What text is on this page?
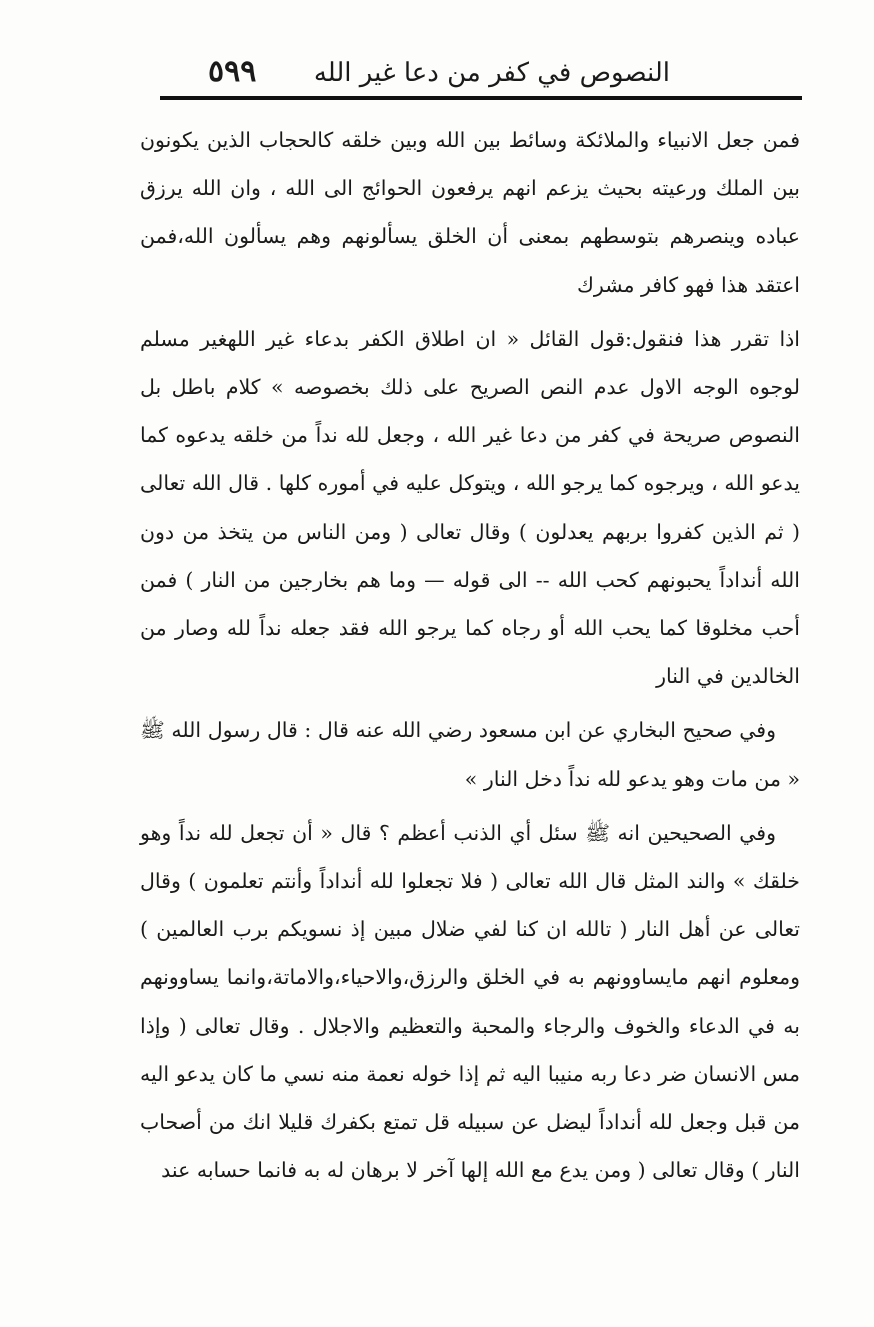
النصوص في كفر من دعا غير الله
٥٩٩

فمن جعل الانبياء والملائكة وسائط بين الله وبين خلقه كالحجاب الذين يكونون بين الملك ورعيته بحيث يزعم انهم يرفعون الحوائج الى الله ، وان الله يرزق عباده وينصرهم بتوسطهم بمعنى أن الخلق يسألونهم وهم يسألون الله،فمن اعتقد هذا فهو كافر مشرك

اذا تقرر هذا فنقول:قول القائل « ان اطلاق الكفر بدعاء غير اللهغير مسلم لوجوه الوجه الاول عدم النص الصريح على ذلك بخصوصه » كلام باطل بل النصوص صريحة في كفر من دعا غير الله ، وجعل لله نداً من خلقه يدعوه كما يدعو الله ، ويرجوه كما يرجو الله ، ويتوكل عليه في أموره كلها . قال الله تعالى ( ثم الذين كفروا بربهم يعدلون ) وقال تعالى ( ومن الناس من يتخذ من دون الله أنداداً يحبونهم كحب الله -- الى قوله — وما هم بخارجين من النار ) فمن أحب مخلوقا كما يحب الله أو رجاه كما يرجو الله فقد جعله نداً لله وصار من الخالدين في النار

وفي صحيح البخاري عن ابن مسعود رضي الله عنه قال : قال رسول الله ﷺ « من مات وهو يدعو لله نداً دخل النار »

وفي الصحيحين انه ﷺ سئل أي الذنب أعظم ؟ قال « أن تجعل لله نداً وهو خلقك » والند المثل قال الله تعالى ( فلا تجعلوا لله أنداداً وأنتم تعلمون ) وقال تعالى عن أهل النار ( تالله ان كنا لفي ضلال مبين إذ نسويكم برب العالمين ) ومعلوم انهم مايساوونهم به في الخلق والرزق،والاحياء،والاماتة،وانما يساوونهم به في الدعاء والخوف والرجاء والمحبة والتعظيم والاجلال . وقال تعالى ( وإذا مس الانسان ضر دعا ربه منيبا اليه ثم إذا خوله نعمة منه نسي ما كان يدعو اليه من قبل وجعل لله أنداداً ليضل عن سبيله قل تمتع بكفرك قليلا انك من أصحاب النار ) وقال تعالى ( ومن يدع مع الله إلها آخر لا برهان له به فانما حسابه عند
